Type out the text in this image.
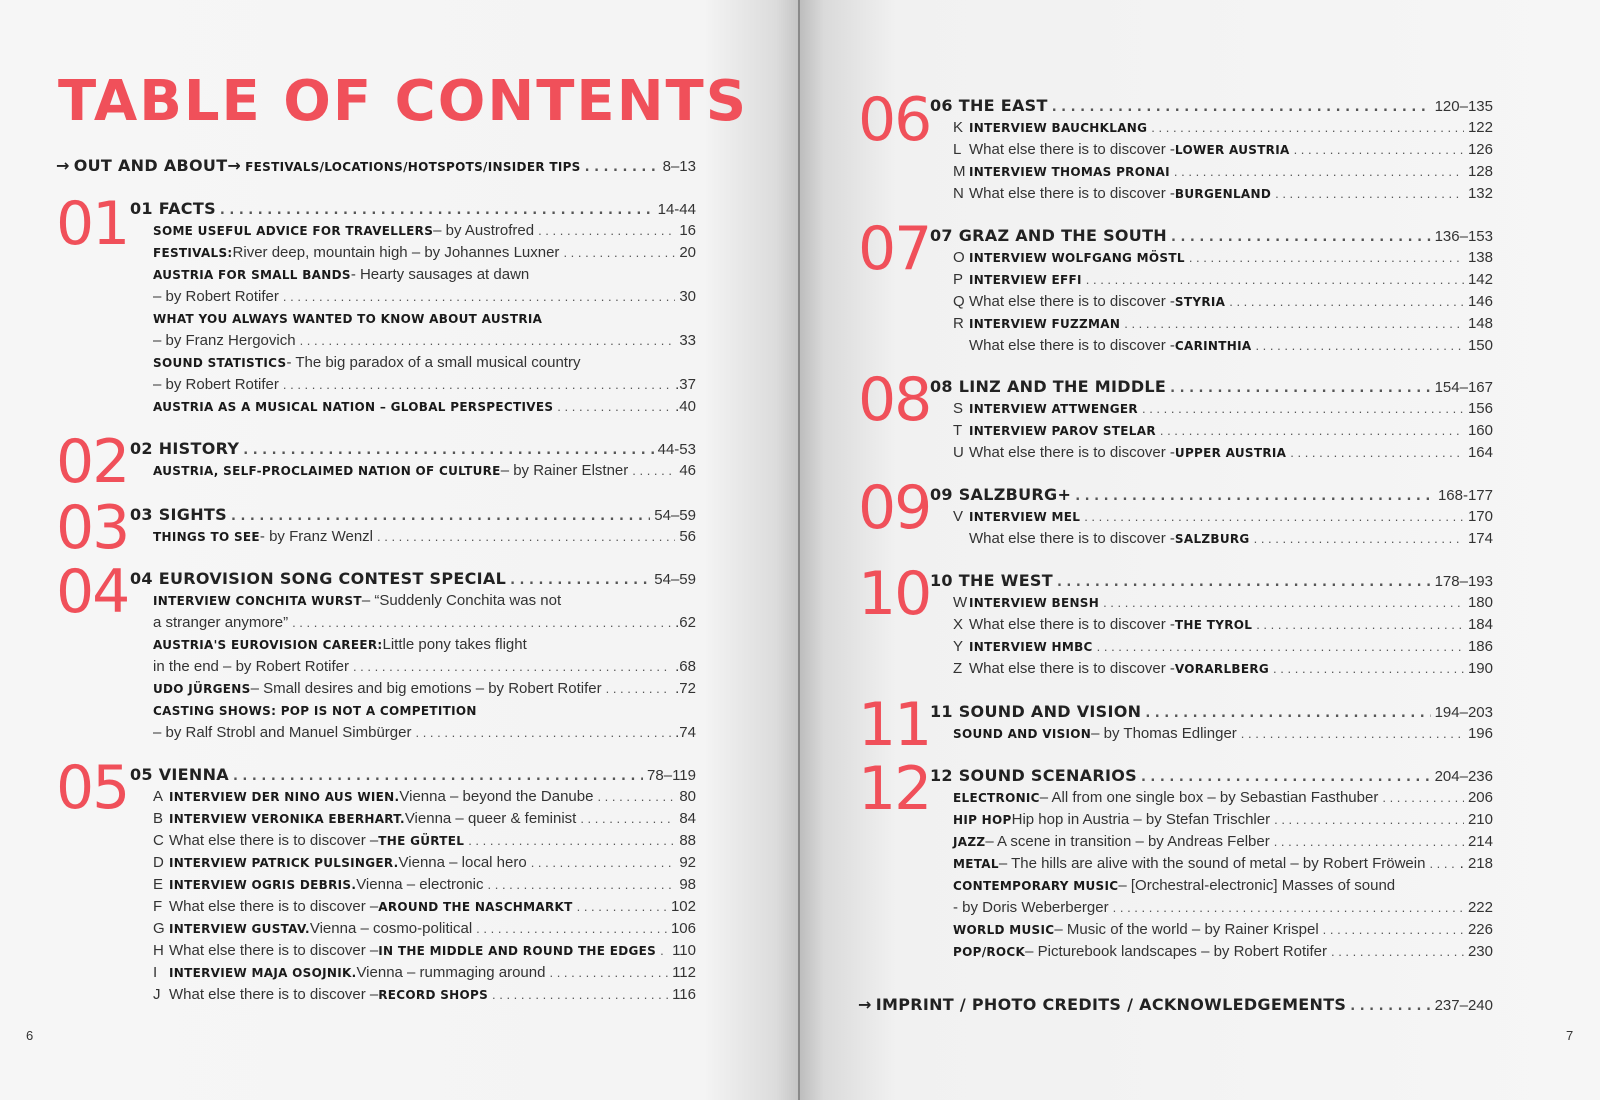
TABLE OF CONTENTS
→ OUT AND ABOUT → FESTIVALS/LOCATIONS/HOTSPOTS/INSIDER TIPS . . .	8–13
01 01 FACTS . . .	14-44
SOME USEFUL ADVICE FOR TRAVELLERS – by Austrofred . . .	16
FESTIVALS: River deep, mountain high – by Johannes Luxner . . .	20
AUSTRIA FOR SMALL BANDS - Hearty sausages at dawn
– by Robert Rotifer . . .	30
WHAT YOU ALWAYS WANTED TO KNOW ABOUT AUSTRIA
– by Franz Hergovich . . .	33
SOUND STATISTICS - The big paradox of a small musical country
– by Robert Rotifer . . .	.37
AUSTRIA AS A MUSICAL NATION – GLOBAL PERSPECTIVES . . .	.40
02 02 HISTORY . . .	44-53
AUSTRIA, SELF-PROCLAIMED NATION OF CULTURE – by Rainer Elstner . . .	46
03 03 SIGHTS . . .	54–59
THINGS TO SEE - by Franz Wenzl . . .	56
04 04 EUROVISION SONG CONTEST SPECIAL . . .	54–59
INTERVIEW CONCHITA WURST – “Suddenly Conchita was not
a stranger anymore” . . .	.62
AUSTRIA'S EUROVISION CAREER: Little pony takes flight
in the end – by Robert Rotifer . . .	.68
UDO JÜRGENS – Small desires and big emotions – by Robert Rotifer . . .	.72
CASTING SHOWS: POP IS NOT A COMPETITION
– by Ralf Strobl and Manuel Simbürger . . .	.74
05 05 VIENNA . . .	78–119
A INTERVIEW DER NINO AUS WIEN. Vienna – beyond the Danube . . .	80
B INTERVIEW VERONIKA EBERHART. Vienna – queer & feminist . . .	84
C What else there is to discover – THE GÜRTEL . . .	88
D INTERVIEW PATRICK PULSINGER. Vienna – local hero . . .	92
E INTERVIEW OGRIS DEBRIS. Vienna – electronic . . .	98
F What else there is to discover – AROUND THE NASCHMARKT . . .	102
G INTERVIEW GUSTAV. Vienna – cosmo-political . . .	106
H What else there is to discover – IN THE MIDDLE AND ROUND THE EDGES . . . 110
I INTERVIEW MAJA OSOJNIK. Vienna – rummaging around . . .	112
J What else there is to discover – RECORD SHOPS . . .	116
6
06 06 THE EAST . . .	120–135
K INTERVIEW BAUCHKLANG . . .	122
L What else there is to discover - LOWER AUSTRIA . . .	126
M INTERVIEW THOMAS PRONAI . . .	128
N What else there is to discover - BURGENLAND . . .	132
07 07 GRAZ AND THE SOUTH . . .	136–153
O INTERVIEW WOLFGANG MÖSTL . . .	138
P INTERVIEW EFFI . . .	142
Q What else there is to discover - STYRIA . . .	146
R INTERVIEW FUZZMAN . . .	148
What else there is to discover - CARINTHIA . . .	150
08 08 LINZ AND THE MIDDLE . . .	154–167
S INTERVIEW ATTWENGER . . .	156
T INTERVIEW PAROV STELAR . . .	160
U What else there is to discover - UPPER AUSTRIA . . .	164
09 09 SALZBURG+ . . .	168-177
V INTERVIEW MEL . . .	170
What else there is to discover - SALZBURG . . .	174
10 10 THE WEST . . .	178–193
W INTERVIEW BENSH . . .	180
X What else there is to discover - THE TYROL . . .	184
Y INTERVIEW HMBC . . .	186
Z What else there is to discover - VORARLBERG . . .	190
11 11 SOUND AND VISION . . .	194–203
SOUND AND VISION – by Thomas Edlinger . . .	196
12 12 SOUND SCENARIOS . . .	204–236
ELECTRONIC – All from one single box – by Sebastian Fasthuber . . .	206
HIP HOP Hip hop in Austria – by Stefan Trischler . . .	210
JAZZ – A scene in transition – by Andreas Felber . . .	214
METAL – The hills are alive with the sound of metal – by Robert Fröwein . . . . 218
CONTEMPORARY MUSIC – [Orchestral-electronic] Masses of sound
- by Doris Weberberger . . .	222
WORLD MUSIC – Music of the world – by Rainer Krispel . . .	226
POP/ROCK – Picturebook landscapes – by Robert Rotifer . . .	230
→ IMPRINT / PHOTO CREDITS / ACKNOWLEDGEMENTS . . .	237–240
7
